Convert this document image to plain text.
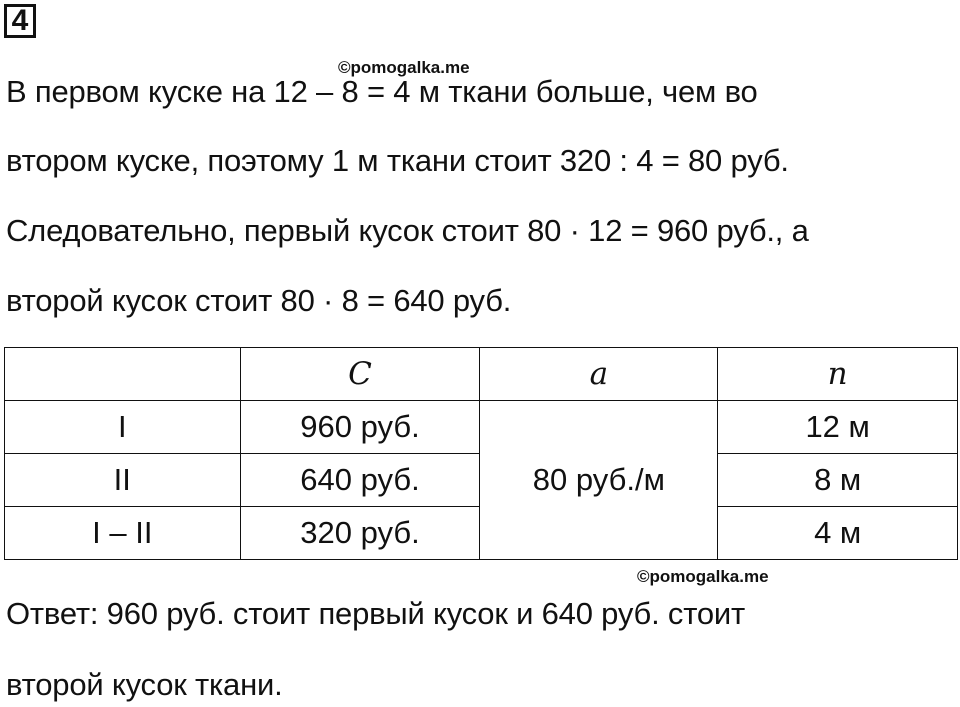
4
©pomogalka.me
В первом куске на 12 – 8 = 4 м ткани больше, чем во
втором куске, поэтому 1 м ткани стоит 320 : 4 = 80 руб.
Следовательно, первый кусок стоит 80 · 12 = 960 руб., а
второй кусок стоит 80 · 8 = 640 руб.
	C	a	n
I	960 руб.	80 руб./м	12 м
II	640 руб.		8 м
I – II	320 руб.		4 м
©pomogalka.me
Ответ: 960 руб. стоит первый кусок и 640 руб. стоит
второй кусок ткани.
